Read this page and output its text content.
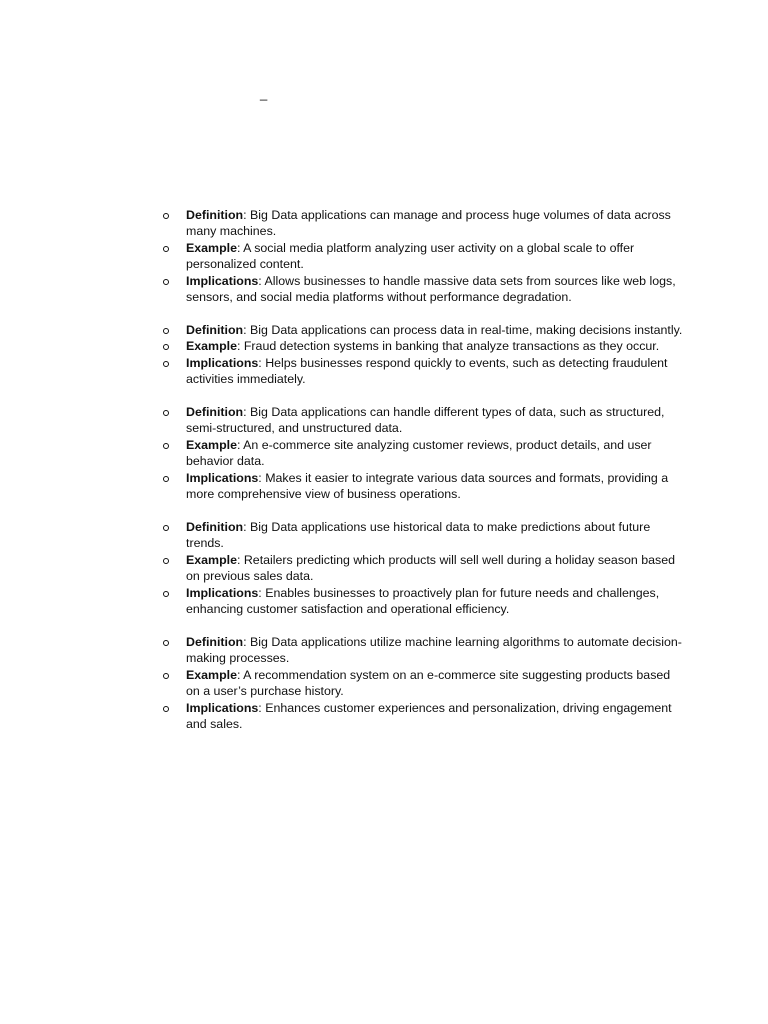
_
Definition: Big Data applications can manage and process huge volumes of data across many machines.
Example: A social media platform analyzing user activity on a global scale to offer personalized content.
Implications: Allows businesses to handle massive data sets from sources like web logs, sensors, and social media platforms without performance degradation.
Definition: Big Data applications can process data in real-time, making decisions instantly.
Example: Fraud detection systems in banking that analyze transactions as they occur.
Implications: Helps businesses respond quickly to events, such as detecting fraudulent activities immediately.
Definition: Big Data applications can handle different types of data, such as structured, semi-structured, and unstructured data.
Example: An e-commerce site analyzing customer reviews, product details, and user behavior data.
Implications: Makes it easier to integrate various data sources and formats, providing a more comprehensive view of business operations.
Definition: Big Data applications use historical data to make predictions about future trends.
Example: Retailers predicting which products will sell well during a holiday season based on previous sales data.
Implications: Enables businesses to proactively plan for future needs and challenges, enhancing customer satisfaction and operational efficiency.
Definition: Big Data applications utilize machine learning algorithms to automate decision-making processes.
Example: A recommendation system on an e-commerce site suggesting products based on a user’s purchase history.
Implications: Enhances customer experiences and personalization, driving engagement and sales.
